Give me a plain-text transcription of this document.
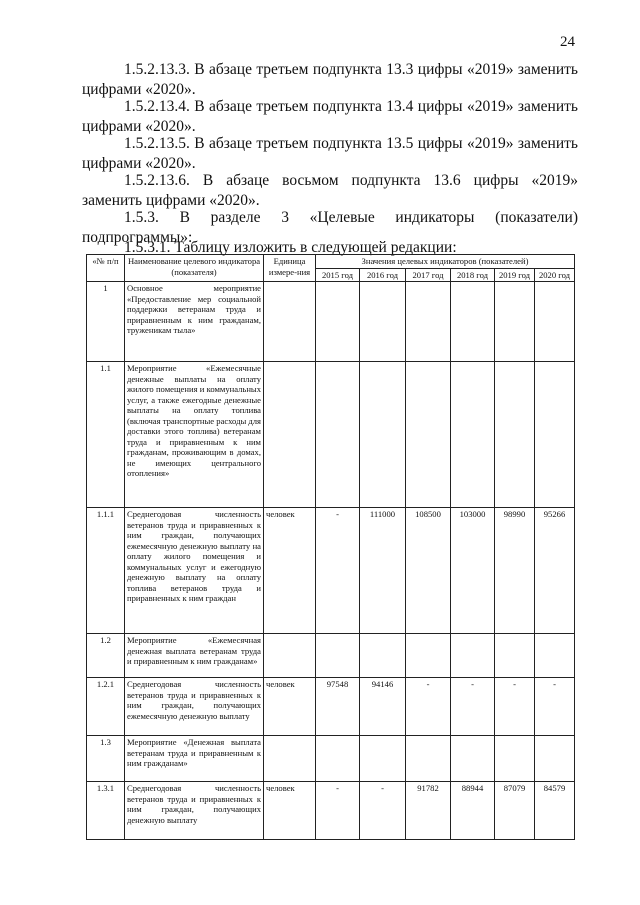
24
1.5.2.13.3. В абзаце третьем подпункта 13.3 цифры «2019» заменить цифрами «2020».
1.5.2.13.4. В абзаце третьем подпункта 13.4 цифры «2019» заменить цифрами «2020».
1.5.2.13.5. В абзаце третьем подпункта 13.5 цифры «2019» заменить цифрами «2020».
1.5.2.13.6. В абзаце восьмом подпункта 13.6 цифры «2019» заменить цифрами «2020».
1.5.3. В разделе 3 «Целевые индикаторы (показатели) подпрограммы»:
1.5.3.1. Таблицу изложить в следующей редакции:
«№ п/п	Наименование целевого индикатора (показателя)	Единица измере-ния	Значения целевых индикаторов (показателей)					
			2015 год	2016 год	2017 год	2018 год	2019 год	2020 год
1	Основное мероприятие «Предоставление мер социальной поддержки ветеранам труда и приравненным к ним гражданам, труженикам тыла»							
1.1	Мероприятие «Ежемесячные денежные выплаты на оплату жилого помещения и коммунальных услуг, а также ежегодные денежные выплаты на оплату топлива (включая транспортные расходы для доставки этого топлива) ветеранам труда и приравненным к ним гражданам, проживающим в домах, не имеющих центрального отопления»							
1.1.1	Среднегодовая численность ветеранов труда и приравненных к ним граждан, получающих ежемесячную денежную выплату на оплату жилого помещения и коммунальных услуг и ежегодную денежную выплату на оплату топлива ветеранов труда и приравненных к ним граждан	человек	-	111000	108500	103000	98990	95266
1.2	Мероприятие «Ежемесячная денежная выплата ветеранам труда и приравненным к ним гражданам»							
1.2.1	Среднегодовая численность ветеранов труда и приравненных к ним граждан, получающих ежемесячную денежную выплату	человек	97548	94146	-	-	-	-
1.3	Мероприятие «Денежная выплата ветеранам труда и приравненным к ним гражданам»							
1.3.1	Среднегодовая численность ветеранов труда и приравненных к ним граждан, получающих денежную выплату	человек	-	-	91782	88944	87079	84579
